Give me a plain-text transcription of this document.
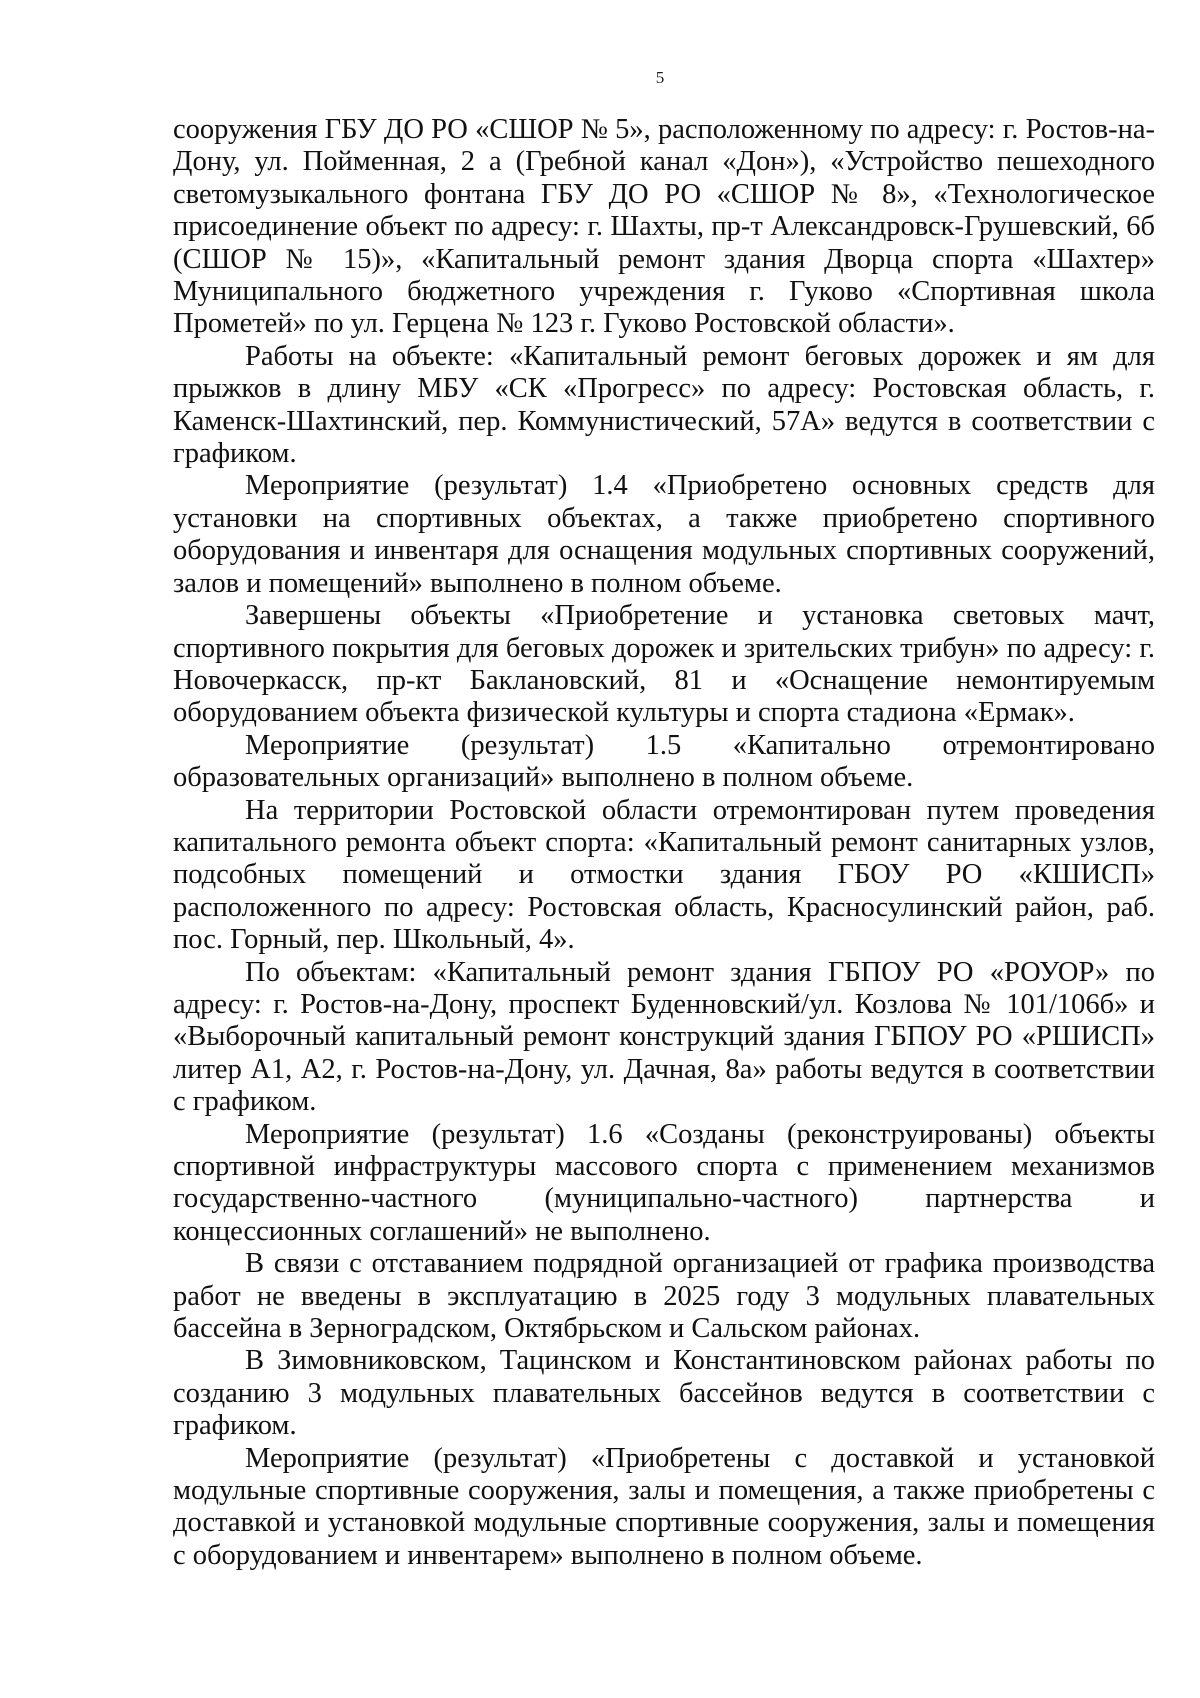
5

сооружения ГБУ ДО РО «СШОР № 5», расположенному по адресу: г. Ростов-на-Дону, ул. Пойменная, 2 а (Гребной канал «Дон»), «Устройство пешеходного светомузыкального фонтана ГБУ ДО РО «СШОР № 8», «Технологическое присоединение объект по адресу: г. Шахты, пр-т Александровск-Грушевский, 6б (СШОР № 15)», «Капитальный ремонт здания Дворца спорта «Шахтер» Муниципального бюджетного учреждения г. Гуково «Спортивная школа Прометей» по ул. Герцена № 123 г. Гуково Ростовской области».

Работы на объекте: «Капитальный ремонт беговых дорожек и ям для прыжков в длину МБУ «СК «Прогресс» по адресу: Ростовская область, г. Каменск-Шахтинский, пер. Коммунистический, 57А» ведутся в соответствии с графиком.

Мероприятие (результат) 1.4 «Приобретено основных средств для установки на спортивных объектах, а также приобретено спортивного оборудования и инвентаря для оснащения модульных спортивных сооружений, залов и помещений» выполнено в полном объеме.

Завершены объекты «Приобретение и установка световых мачт, спортивного покрытия для беговых дорожек и зрительских трибун» по адресу: г. Новочеркасск, пр-кт Баклановский, 81 и «Оснащение немонтируемым оборудованием объекта физической культуры и спорта стадиона «Ермак».

Мероприятие (результат) 1.5 «Капитально отремонтировано образовательных организаций» выполнено в полном объеме.

На территории Ростовской области отремонтирован путем проведения капитального ремонта объект спорта: «Капитальный ремонт санитарных узлов, подсобных помещений и отмостки здания ГБОУ РО «КШИСП» расположенного по адресу: Ростовская область, Красносулинский район, раб. пос. Горный, пер. Школьный, 4».

По объектам: «Капитальный ремонт здания ГБПОУ РО «РОУОР» по адресу: г. Ростов-на-Дону, проспект Буденновский/ул. Козлова № 101/106б» и «Выборочный капитальный ремонт конструкций здания ГБПОУ РО «РШИСП» литер А1, А2, г. Ростов-на-Дону, ул. Дачная, 8а» работы ведутся в соответствии с графиком.

Мероприятие (результат) 1.6 «Созданы (реконструированы) объекты спортивной инфраструктуры массового спорта с применением механизмов государственно-частного (муниципально-частного) партнерства и концессионных соглашений» не выполнено.

В связи с отставанием подрядной организацией от графика производства работ не введены в эксплуатацию в 2025 году 3 модульных плавательных бассейна в Зерноградском, Октябрьском и Сальском районах.

В Зимовниковском, Тацинском и Константиновском районах работы по созданию 3 модульных плавательных бассейнов ведутся в соответствии с графиком.

Мероприятие (результат) «Приобретены с доставкой и установкой модульные спортивные сооружения, залы и помещения, а также приобретены с доставкой и установкой модульные спортивные сооружения, залы и помещения с оборудованием и инвентарем» выполнено в полном объеме.
